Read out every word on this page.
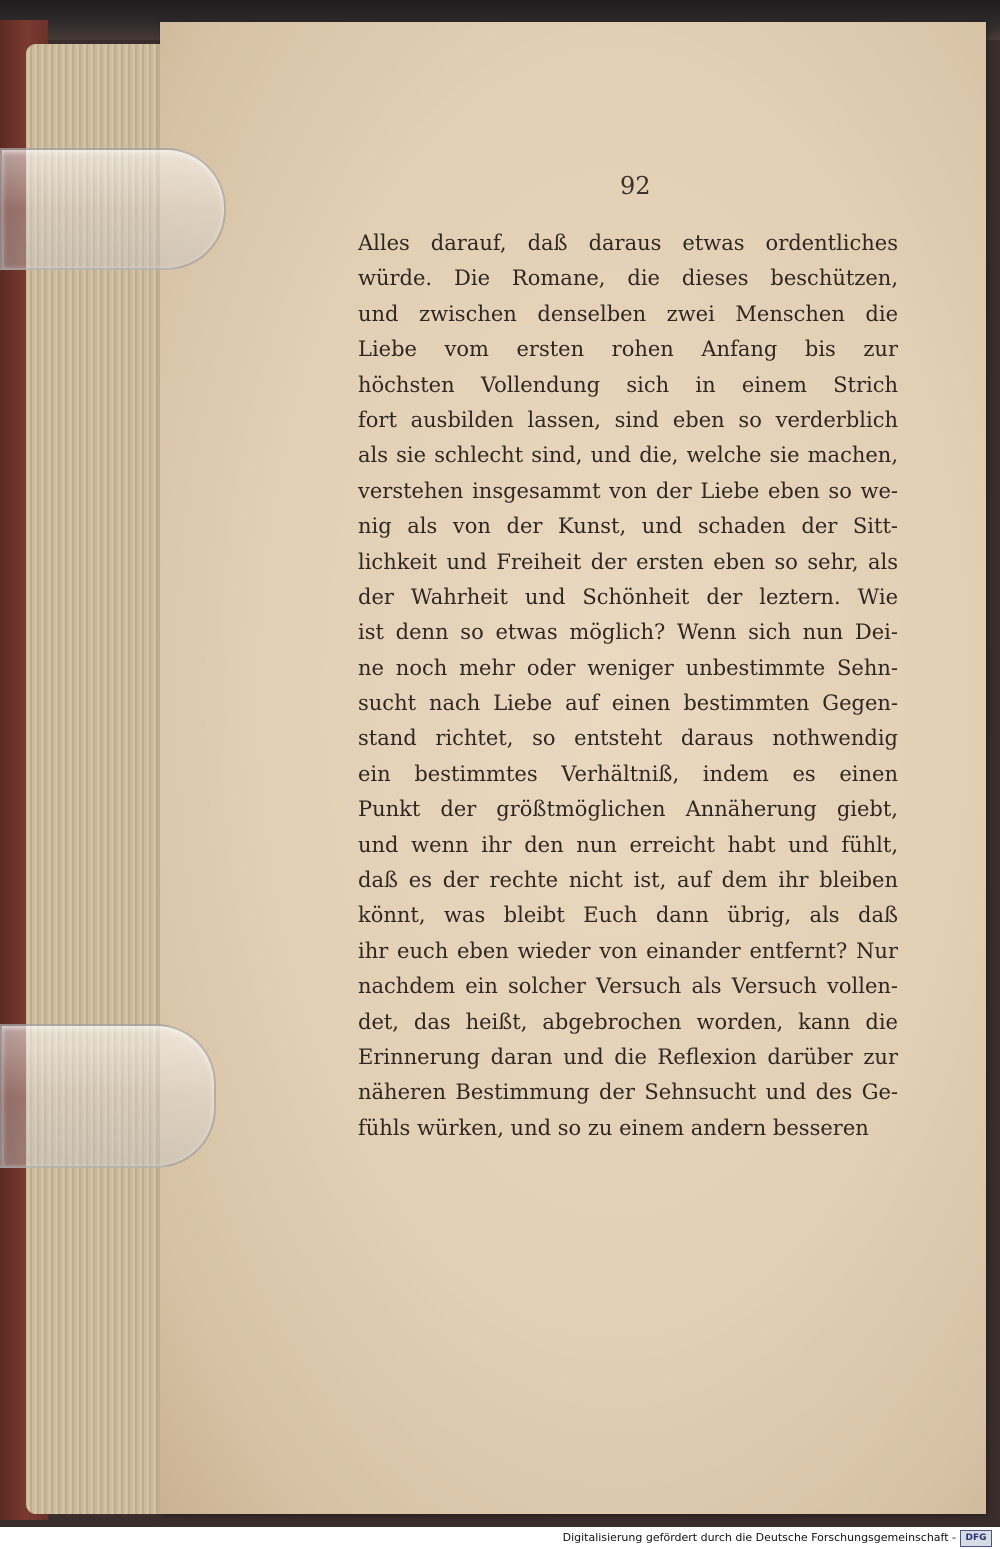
92
Alles darauf, daß daraus etwas ordentliches
würde. Die Romane, die dieses beschützen,
und zwischen denselben zwei Menschen die
Liebe vom ersten rohen Anfang bis zur
höchsten Vollendung sich in einem Strich
fort ausbilden lassen, sind eben so verderblich
als sie schlecht sind, und die, welche sie machen,
verstehen insgesammt von der Liebe eben so we-
nig als von der Kunst, und schaden der Sitt-
lichkeit und Freiheit der ersten eben so sehr, als
der Wahrheit und Schönheit der leztern. Wie
ist denn so etwas möglich? Wenn sich nun Dei-
ne noch mehr oder weniger unbestimmte Sehn-
sucht nach Liebe auf einen bestimmten Gegen-
stand richtet, so entsteht daraus nothwendig
ein bestimmtes Verhältniß, indem es einen
Punkt der größtmöglichen Annäherung giebt,
und wenn ihr den nun erreicht habt und fühlt,
daß es der rechte nicht ist, auf dem ihr bleiben
könnt, was bleibt Euch dann übrig, als daß
ihr euch eben wieder von einander entfernt? Nur
nachdem ein solcher Versuch als Versuch vollen-
det, das heißt, abgebrochen worden, kann die
Erinnerung daran und die Reflexion darüber zur
näheren Bestimmung der Sehnsucht und des Ge-
fühls würken, und so zu einem andern besseren
Digitalisierung gefördert durch die Deutsche Forschungsgemeinschaft -	DFG
